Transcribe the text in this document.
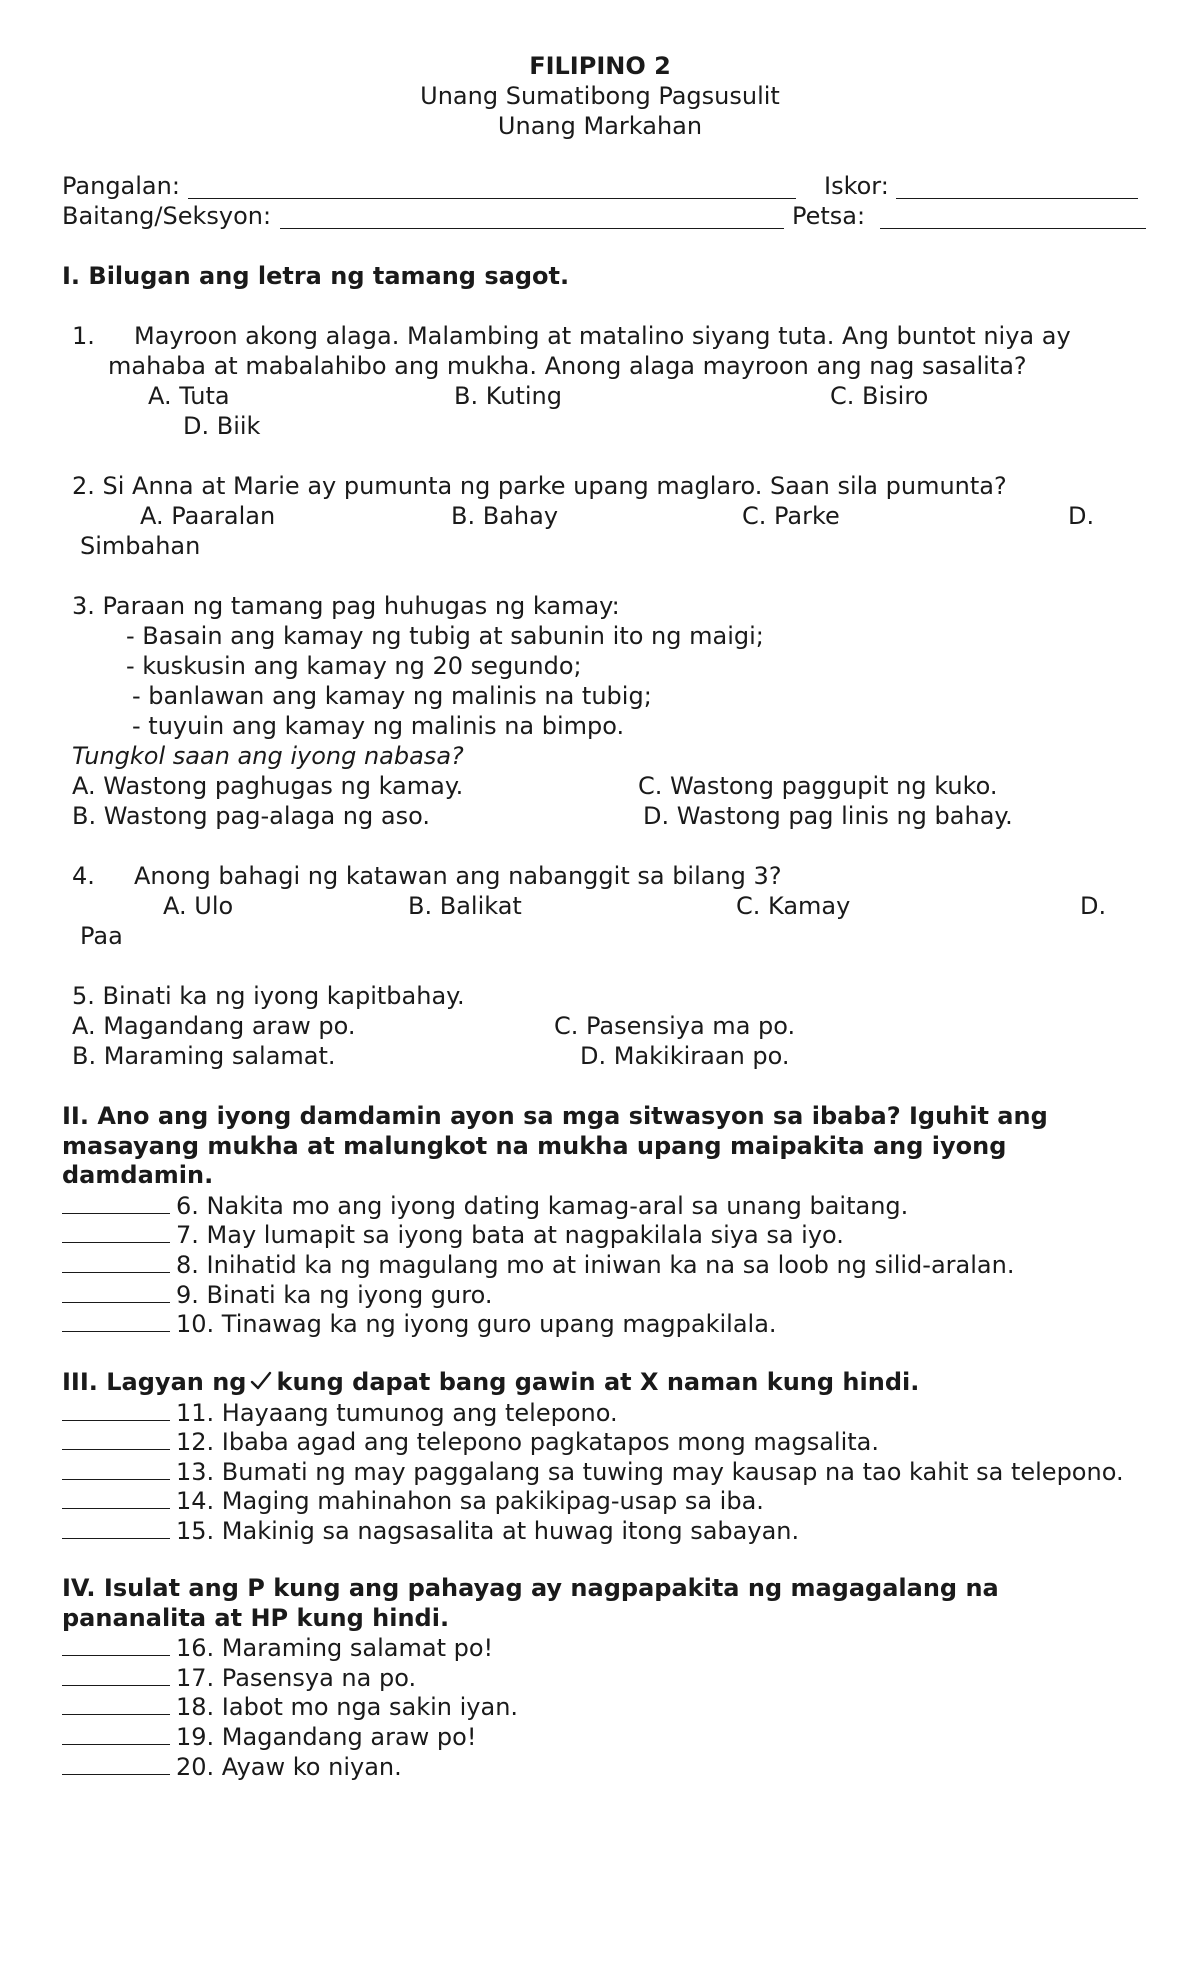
FILIPINO 2
Unang Sumatibong Pagsusulit
Unang Markahan
Pangalan:	Iskor:
Baitang/Seksyon:	Petsa:
I. Bilugan ang letra ng tamang sagot.
1. Mayroon akong alaga. Malambing at matalino siyang tuta. Ang buntot niya ay
mahaba at mabalahibo ang mukha. Anong alaga mayroon ang nag sasalita?
A. Tuta	B. Kuting	C. Bisiro
D. Biik
2. Si Anna at Marie ay pumunta ng parke upang maglaro. Saan sila pumunta?
A. Paaralan	B. Bahay	C. Parke	D.
Simbahan
3. Paraan ng tamang pag huhugas ng kamay:
- Basain ang kamay ng tubig at sabunin ito ng maigi;
- kuskusin ang kamay ng 20 segundo;
- banlawan ang kamay ng malinis na tubig;
- tuyuin ang kamay ng malinis na bimpo.
Tungkol saan ang iyong nabasa?
A. Wastong paghugas ng kamay.	C. Wastong paggupit ng kuko.
B. Wastong pag-alaga ng aso.	D. Wastong pag linis ng bahay.
4. Anong bahagi ng katawan ang nabanggit sa bilang 3?
A. Ulo	B. Balikat	C. Kamay	D.
Paa
5. Binati ka ng iyong kapitbahay.
A. Magandang araw po.	C. Pasensiya ma po.
B. Maraming salamat.	D. Makikiraan po.
II. Ano ang iyong damdamin ayon sa mga sitwasyon sa ibaba? Iguhit ang
masayang mukha at malungkot na mukha upang maipakita ang iyong
damdamin.
6. Nakita mo ang iyong dating kamag-aral sa unang baitang.
7. May lumapit sa iyong bata at nagpakilala siya sa iyo.
8. Inihatid ka ng magulang mo at iniwan ka na sa loob ng silid-aralan.
9. Binati ka ng iyong guro.
10. Tinawag ka ng iyong guro upang magpakilala.
III. Lagyan ng kung dapat bang gawin at X naman kung hindi.
11. Hayaang tumunog ang telepono.
12. Ibaba agad ang telepono pagkatapos mong magsalita.
13. Bumati ng may paggalang sa tuwing may kausap na tao kahit sa telepono.
14. Maging mahinahon sa pakikipag-usap sa iba.
15. Makinig sa nagsasalita at huwag itong sabayan.
IV. Isulat ang P kung ang pahayag ay nagpapakita ng magagalang na
pananalita at HP kung hindi.
16. Maraming salamat po!
17. Pasensya na po.
18. Iabot mo nga sakin iyan.
19. Magandang araw po!
20. Ayaw ko niyan.
